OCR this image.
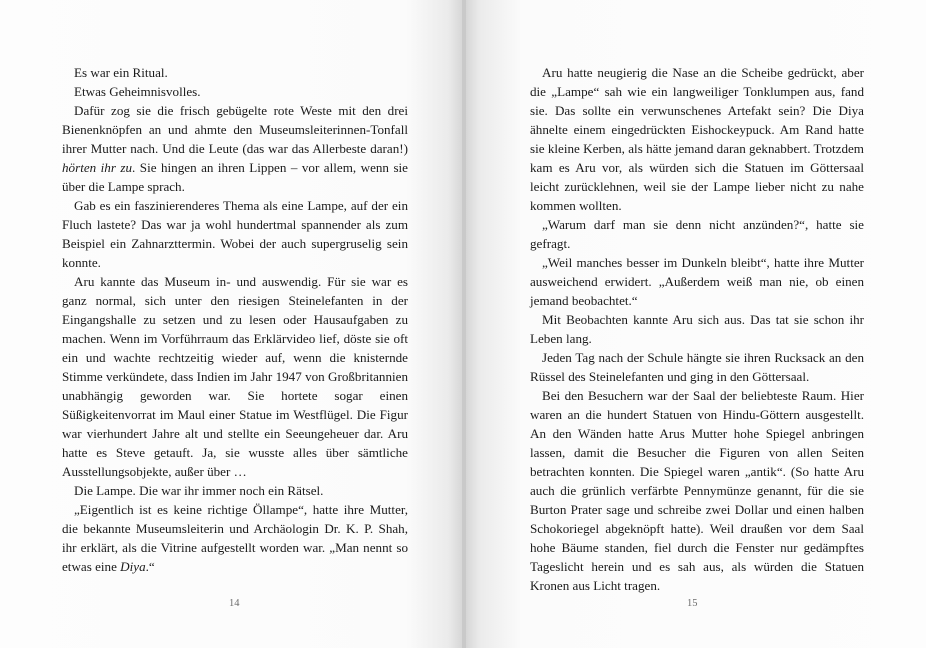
Es war ein Ritual.

Etwas Geheimnisvolles.

Dafür zog sie die frisch gebügelte rote Weste mit den drei Bienenknöpfen an und ahmte den Museumsleiterinnen-Tonfall ihrer Mutter nach. Und die Leute (das war das Allerbeste daran!) hörten ihr zu. Sie hingen an ihren Lippen – vor allem, wenn sie über die Lampe sprach.

Gab es ein faszinierenderes Thema als eine Lampe, auf der ein Fluch lastete? Das war ja wohl hundertmal spannender als zum Beispiel ein Zahnarzttermin. Wobei der auch supergruselig sein konnte.

Aru kannte das Museum in- und auswendig. Für sie war es ganz normal, sich unter den riesigen Steinelefanten in der Eingangshalle zu setzen und zu lesen oder Hausaufgaben zu machen. Wenn im Vorführraum das Erklärvideo lief, döste sie oft ein und wachte rechtzeitig wieder auf, wenn die knisternde Stimme verkündete, dass Indien im Jahr 1947 von Großbritannien unabhängig geworden war. Sie hortete sogar einen Süßigkeitenvorrat im Maul einer Statue im Westflügel. Die Figur war vierhundert Jahre alt und stellte ein Seeungeheuer dar. Aru hatte es Steve getauft. Ja, sie wusste alles über sämtliche Ausstellungsobjekte, außer über …

Die Lampe. Die war ihr immer noch ein Rätsel.

„Eigentlich ist es keine richtige Öllampe“, hatte ihre Mutter, die bekannte Museumsleiterin und Archäologin Dr. K. P. Shah, ihr erklärt, als die Vitrine aufgestellt worden war. „Man nennt so etwas eine Diya.“

14

Aru hatte neugierig die Nase an die Scheibe gedrückt, aber die „Lampe“ sah wie ein langweiliger Tonklumpen aus, fand sie. Das sollte ein verwunschenes Artefakt sein? Die Diya ähnelte einem eingedrückten Eishockeypuck. Am Rand hatte sie kleine Kerben, als hätte jemand daran geknabbert. Trotzdem kam es Aru vor, als würden sich die Statuen im Göttersaal leicht zurücklehnen, weil sie der Lampe lieber nicht zu nahe kommen wollten.

„Warum darf man sie denn nicht anzünden?“, hatte sie gefragt.

„Weil manches besser im Dunkeln bleibt“, hatte ihre Mutter ausweichend erwidert. „Außerdem weiß man nie, ob einen jemand beobachtet.“

Mit Beobachten kannte Aru sich aus. Das tat sie schon ihr Leben lang.

Jeden Tag nach der Schule hängte sie ihren Rucksack an den Rüssel des Steinelefanten und ging in den Göttersaal.

Bei den Besuchern war der Saal der beliebteste Raum. Hier waren an die hundert Statuen von Hindu-Göttern ausgestellt. An den Wänden hatte Arus Mutter hohe Spiegel anbringen lassen, damit die Besucher die Figuren von allen Seiten betrachten konnten. Die Spiegel waren „antik“. (So hatte Aru auch die grünlich verfärbte Pennymünze genannt, für die sie Burton Prater sage und schreibe zwei Dollar und einen halben Schokoriegel abgeknöpft hatte). Weil draußen vor dem Saal hohe Bäume standen, fiel durch die Fenster nur gedämpftes Tageslicht herein und es sah aus, als würden die Statuen Kronen aus Licht tragen.

15
